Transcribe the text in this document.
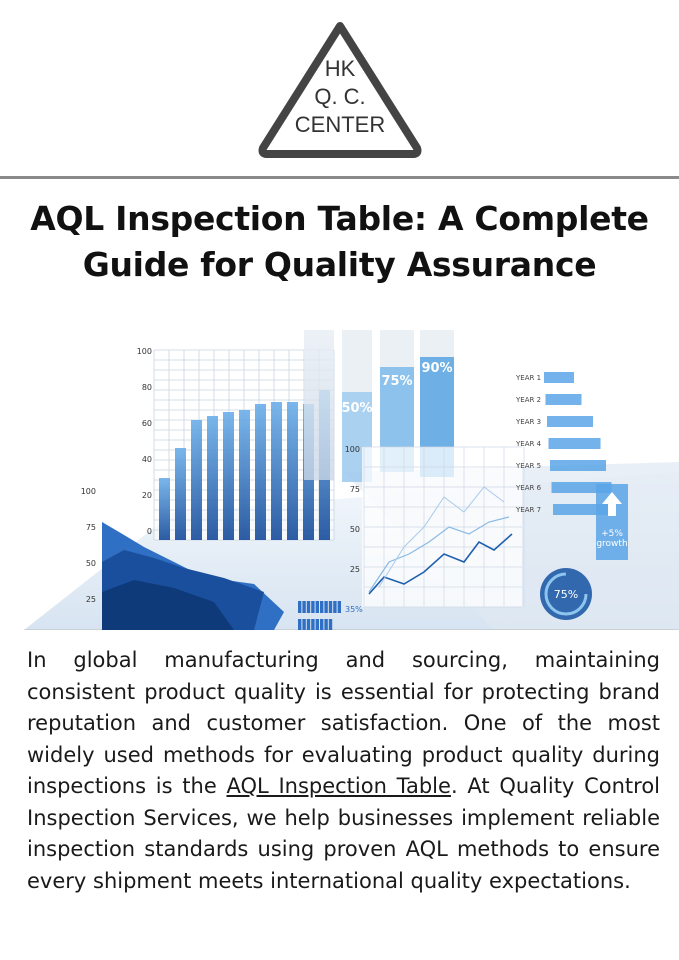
HK
Q. C.
CENTER
AQL Inspection Table: A Complete
Guide for Quality Assurance
100
80
60
40
20
0
100
75
50
25
50%
75%
90%
100
75
50
25
YEAR 1
YEAR 2
YEAR 3
YEAR 4
YEAR 5
YEAR 6
YEAR 7
+5% growth
75%
35%
In global manufacturing and sourcing, maintaining consistent product quality is essential for protecting brand reputation and customer satisfaction. One of the most widely used methods for evaluating product quality during inspections is the AQL Inspection Table. At Quality Control Inspection Services, we help businesses implement reliable inspection standards using proven AQL methods to ensure every shipment meets international quality expectations.
